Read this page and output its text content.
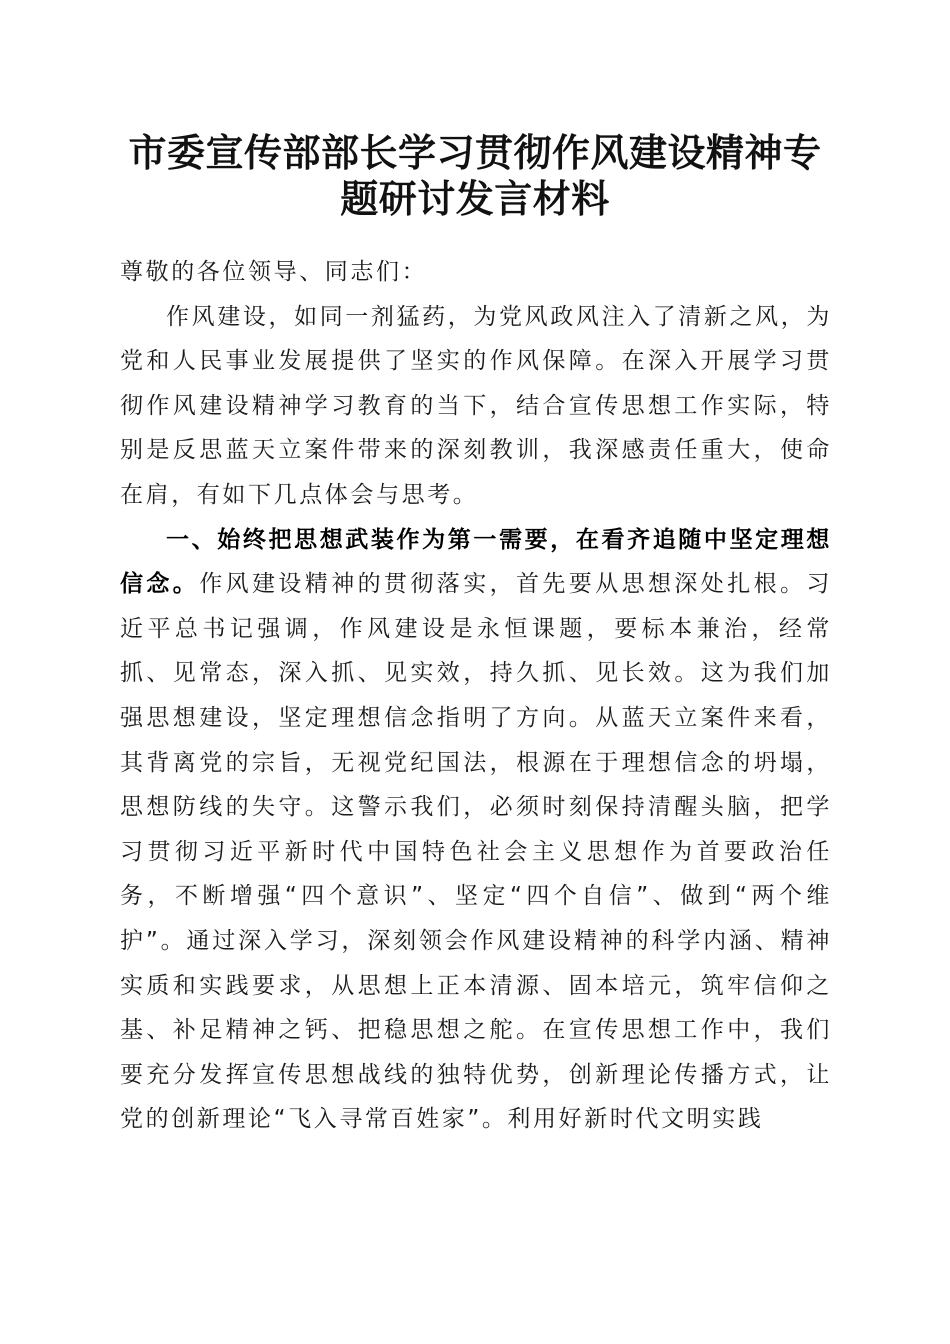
市委宣传部部长学习贯彻作风建设精神专题研讨发言材料

尊敬的各位领导、同志们：

作风建设，如同一剂猛药，为党风政风注入了清新之风，为党和人民事业发展提供了坚实的作风保障。在深入开展学习贯彻作风建设精神学习教育的当下，结合宣传思想工作实际，特别是反思蓝天立案件带来的深刻教训，我深感责任重大，使命在肩，有如下几点体会与思考。

一、始终把思想武装作为第一需要，在看齐追随中坚定理想信念。作风建设精神的贯彻落实，首先要从思想深处扎根。习近平总书记强调，作风建设是永恒课题，要标本兼治，经常抓、见常态，深入抓、见实效，持久抓、见长效。这为我们加强思想建设，坚定理想信念指明了方向。从蓝天立案件来看，其背离党的宗旨，无视党纪国法，根源在于理想信念的坍塌，思想防线的失守。这警示我们，必须时刻保持清醒头脑，把学习贯彻习近平新时代中国特色社会主义思想作为首要政治任务，不断增强“四个意识”、坚定“四个自信”、做到“两个维护”。通过深入学习，深刻领会作风建设精神的科学内涵、精神实质和实践要求，从思想上正本清源、固本培元，筑牢信仰之基、补足精神之钙、把稳思想之舵。在宣传思想工作中，我们要充分发挥宣传思想战线的独特优势，创新理论传播方式，让党的创新理论“飞入寻常百姓家”。利用好新时代文明实践
